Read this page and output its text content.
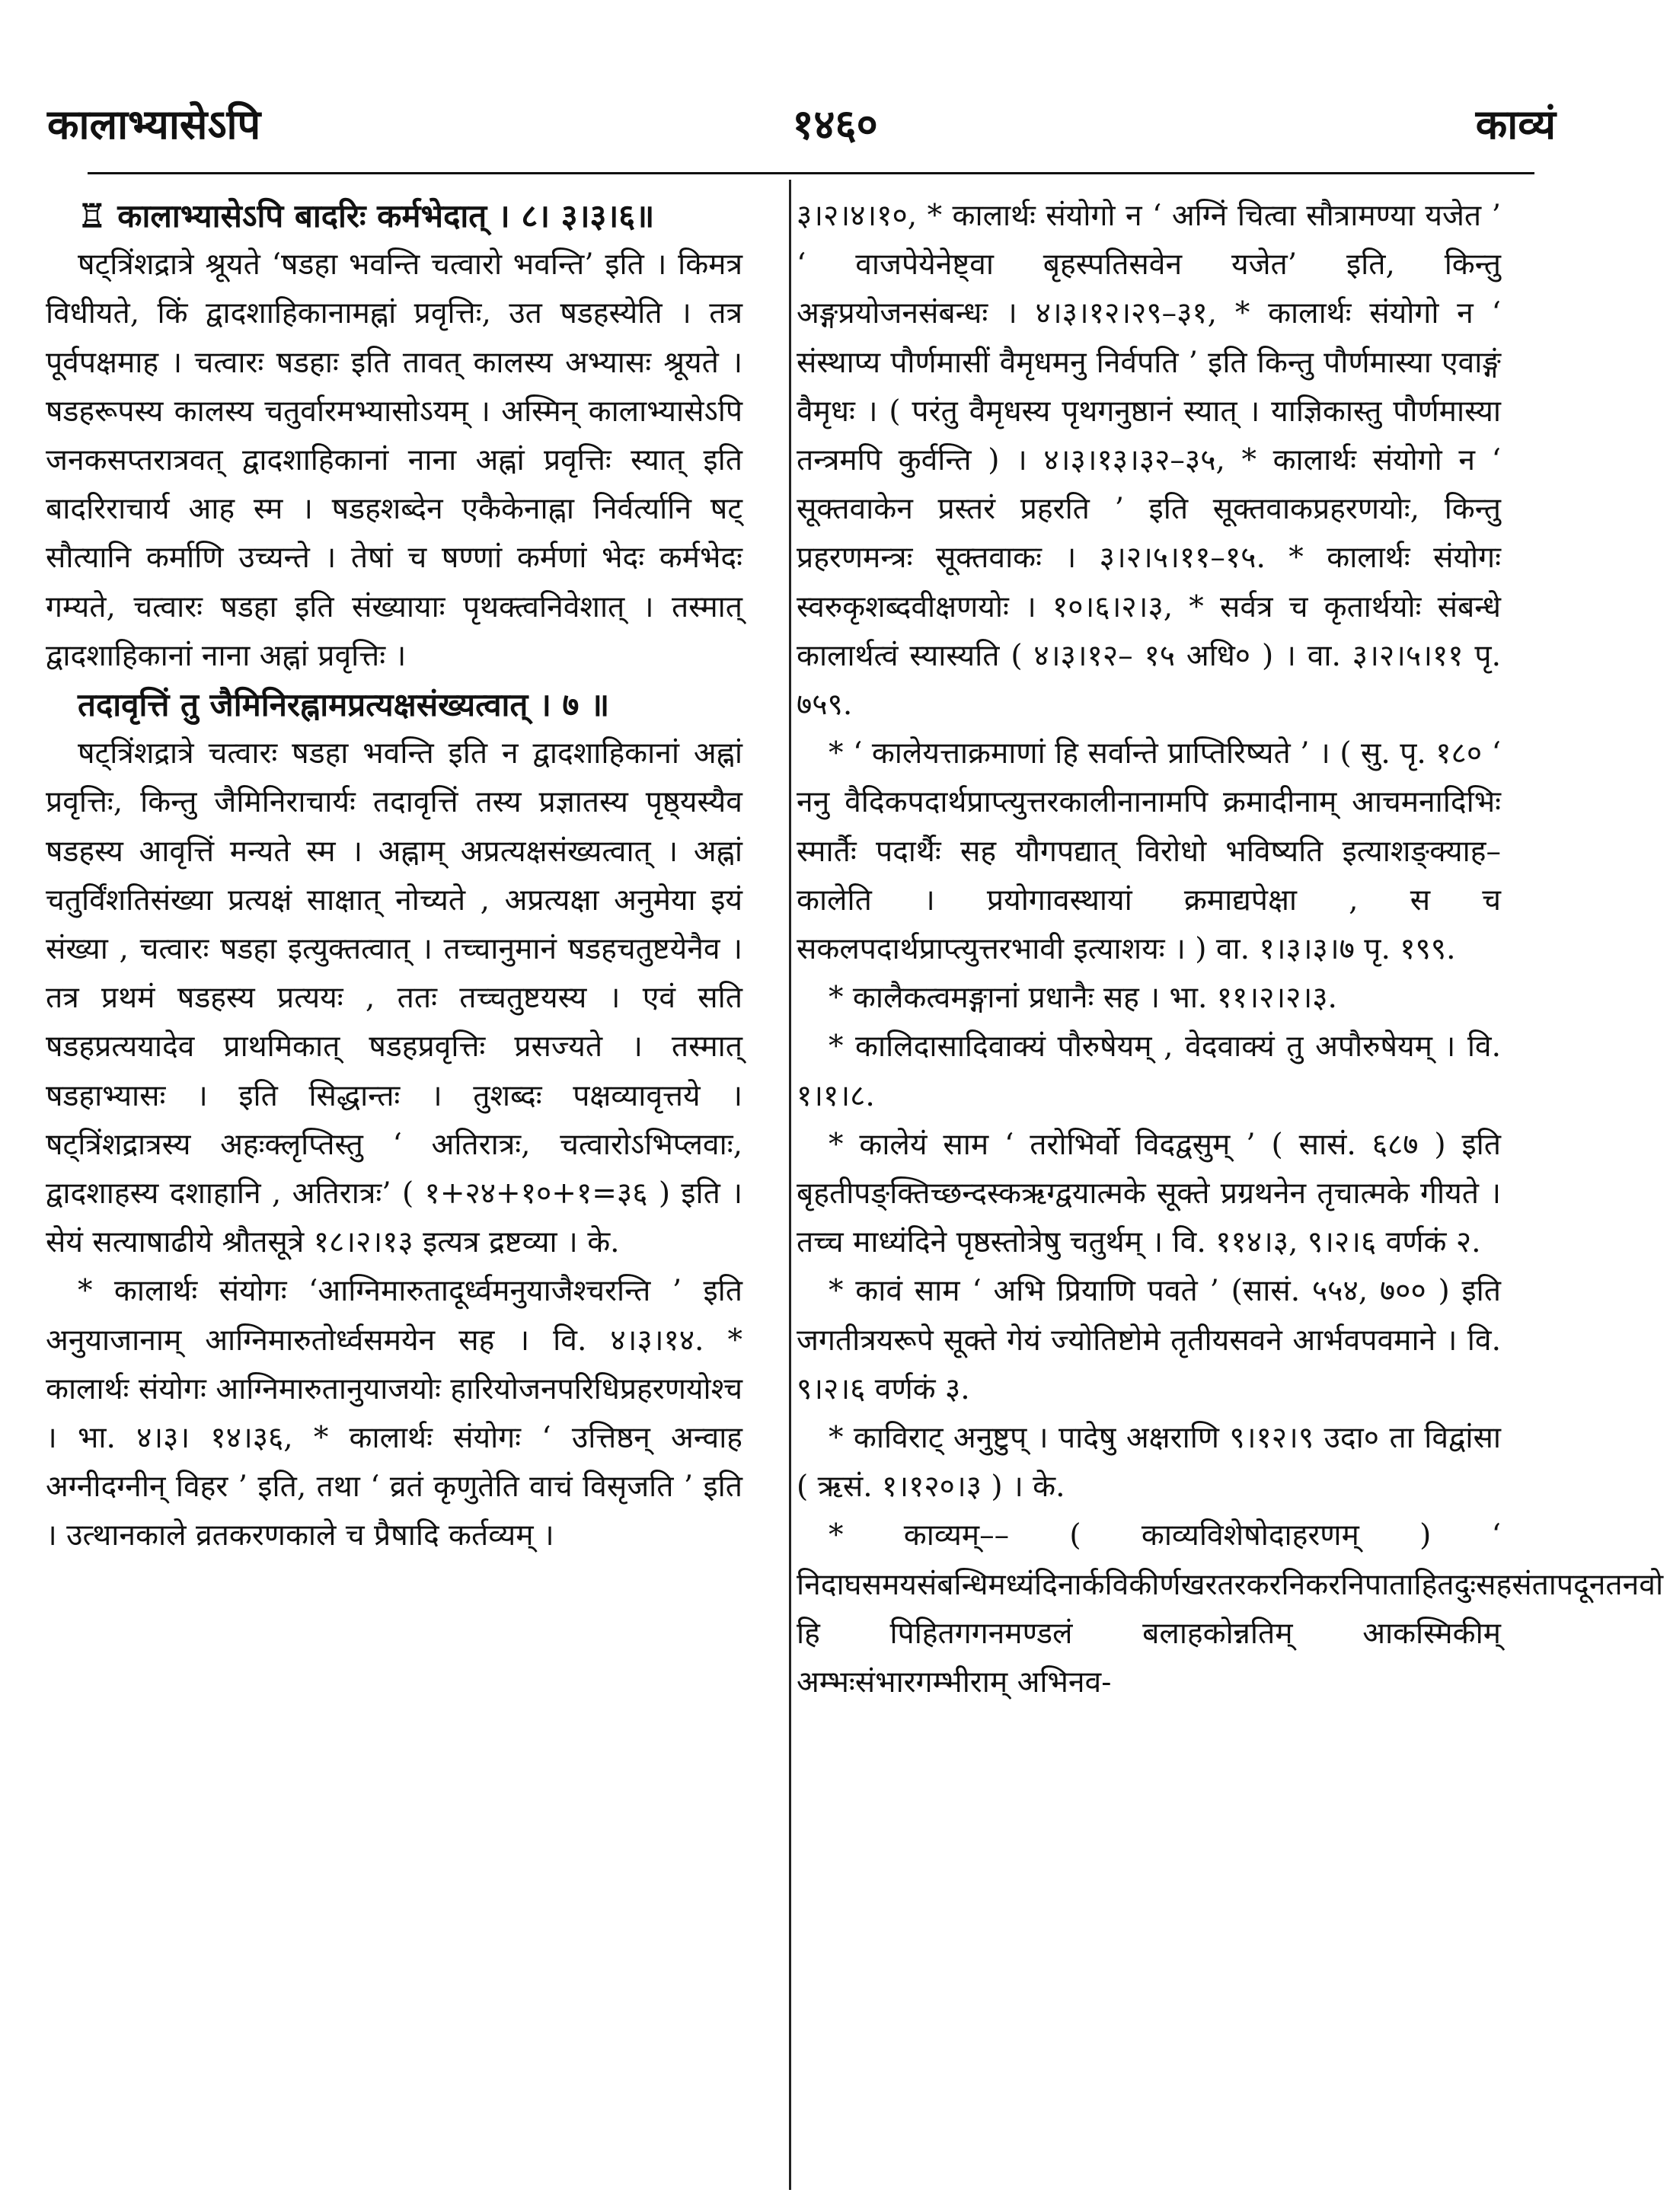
कालाभ्यासेऽपि	१४६०	काव्यं

♖ कालाभ्यासेऽपि बादरिः कर्मभेदात् । ८। ३।३।६॥

षट्त्रिंशद्रात्रे श्रूयते ‘षडहा भवन्ति चत्वारो भवन्ति’ इति । किमत्र विधीयते, किं द्वादशाहिकानामह्नां प्रवृत्तिः, उत षडहस्येति । तत्र पूर्वपक्षमाह । चत्वारः षडहाः इति तावत् कालस्य अभ्यासः श्रूयते । षडहरूपस्य कालस्य चतुर्वारमभ्यासोऽयम् । अस्मिन् कालाभ्यासेऽपि जनकसप्तरात्रवत् द्वादशाहिकानां नाना अह्नां प्रवृत्तिः स्यात् इति बादरिराचार्य आह स्म । षडहशब्देन एकैकेनाह्ना निर्वर्त्यानि षट् सौत्यानि कर्माणि उच्यन्ते । तेषां च षण्णां कर्मणां भेदः कर्मभेदः गम्यते, चत्वारः षडहा इति संख्यायाः पृथक्त्वनिवेशात् । तस्मात् द्वादशाहिकानां नाना अह्नां प्रवृत्तिः ।

तदावृत्तिं तु जैमिनिरह्नामप्रत्यक्षसंख्यत्वात् । ७ ॥

षट्त्रिंशद्रात्रे चत्वारः षडहा भवन्ति इति न द्वादशाहिकानां अह्नां प्रवृत्तिः, किन्तु जैमिनिराचार्यः तदावृत्तिं तस्य प्रज्ञातस्य पृष्ठ्यस्यैव षडहस्य आवृत्तिं मन्यते स्म । अह्नाम् अप्रत्यक्षसंख्यत्वात् । अह्नां चतुर्विंशतिसंख्या प्रत्यक्षं साक्षात् नोच्यते , अप्रत्यक्षा अनुमेया इयं संख्या , चत्वारः षडहा इत्युक्तत्वात् । तच्चानुमानं षडहचतुष्टयेनैव । तत्र प्रथमं षडहस्य प्रत्ययः , ततः तच्चतुष्टयस्य । एवं सति षडहप्रत्ययादेव प्राथमिकात् षडहप्रवृत्तिः प्रसज्यते । तस्मात् षडहाभ्यासः । इति सिद्धान्तः । तुशब्दः पक्षव्यावृत्तये । षट्त्रिंशद्रात्रस्य अहःक्लृप्तिस्तु ‘ अतिरात्रः, चत्वारोऽभिप्लवाः, द्वादशाहस्य दशाहानि , अतिरात्रः’ ( १+२४+१०+१=३६ ) इति । सेयं सत्याषाढीये श्रौतसूत्रे १८।२।१३ इत्यत्र द्रष्टव्या । के.

* कालार्थः संयोगः ‘आग्निमारुतादूर्ध्वमनुयाजैश्चरन्ति ’ इति अनुयाजानाम् आग्निमारुतोर्ध्वसमयेन सह । वि. ४।३।१४. * कालार्थः संयोगः आग्निमारुतानुयाजयोः हारियोजनपरिधिप्रहरणयोश्च । भा. ४।३। १४।३६, * कालार्थः संयोगः ‘ उत्तिष्ठन् अन्वाह अग्नीदग्नीन् विहर ’ इति, तथा ‘ व्रतं कृणुतेति वाचं विसृजति ’ इति । उत्थानकाले व्रतकरणकाले च प्रैषादि कर्तव्यम् ।

३।२।४।१०, * कालार्थः संयोगो न ‘ अग्निं चित्वा सौत्रामण्या यजेत ’ ‘ वाजपेयेनेष्ट्वा बृहस्पतिसवेन यजेत’ इति, किन्तु अङ्गप्रयोजनसंबन्धः । ४।३।१२।२९–३१, * कालार्थः संयोगो न ‘ संस्थाप्य पौर्णमासीं वैमृधमनु निर्वपति ’ इति किन्तु पौर्णमास्या एवाङ्गं वैमृधः । ( परंतु वैमृधस्य पृथगनुष्ठानं स्यात् । याज्ञिकास्तु पौर्णमास्या तन्त्रमपि कुर्वन्ति ) । ४।३।१३।३२–३५, * कालार्थः संयोगो न ‘ सूक्तवाकेन प्रस्तरं प्रहरति ’ इति सूक्तवाकप्रहरणयोः, किन्तु प्रहरणमन्त्रः सूक्तवाकः । ३।२।५।११–१५. * कालार्थः संयोगः स्वरुकृशब्दवीक्षणयोः । १०।६।२।३, * सर्वत्र च कृतार्थयोः संबन्धे कालार्थत्वं स्यास्यति ( ४।३।१२– १५ अधि० ) । वा. ३।२।५।११ पृ. ७५९.

* ‘ कालेयत्ताक्रमाणां हि सर्वान्ते प्राप्तिरिष्यते ’ । ( सु. पृ. १८० ‘ ननु वैदिकपदार्थप्राप्त्युत्तरकालीनानामपि क्रमादीनाम् आचमनादिभिः स्मार्तैः पदार्थैः सह यौगपद्यात् विरोधो भविष्यति इत्याशङ्क्याह–कालेति । प्रयोगावस्थायां क्रमाद्यपेक्षा , स च सकलपदार्थप्राप्त्युत्तरभावी इत्याशयः । ) वा. १।३।३।७ पृ. १९९.

* कालैकत्वमङ्गानां प्रधानैः सह । भा. ११।२।२।३.

* कालिदासादिवाक्यं पौरुषेयम् , वेदवाक्यं तु अपौरुषेयम् । वि. १।१।८.

* कालेयं साम ‘ तरोभिर्वो विदद्वसुम् ’ ( सासं. ६८७ ) इति बृहतीपङ्क्तिच्छन्दस्कऋग्द्वयात्मके सूक्ते प्रग्रथनेन तृचात्मके गीयते । तच्च माध्यंदिने पृष्ठस्तोत्रेषु चतुर्थम् । वि. ११४।३, ९।२।६ वर्णकं २.

* कावं साम ‘ अभि प्रियाणि पवते ’ (सासं. ५५४, ७०० ) इति जगतीत्रयरूपे सूक्ते गेयं ज्योतिष्टोमे तृतीयसवने आर्भवपवमाने । वि. ९।२।६ वर्णकं ३.

* काविराट् अनुष्टुप् । पादेषु अक्षराणि ९।१२।९ उदा० ता विद्वांसा ( ऋसं. १।१२०।३ ) । के.

* काव्यम्–– ( काव्यविशेषोदाहरणम् ) ‘ निदाघसमयसंबन्धिमध्यंदिनार्कविकीर्णखरतरकरनिकरनिपाताहितदुःसहसंतापदूनतनवो हि पिहितगगनमण्डलं बलाहकोन्नतिम् आकस्मिकीम् अम्भःसंभारगम्भीराम् अभिनव-
